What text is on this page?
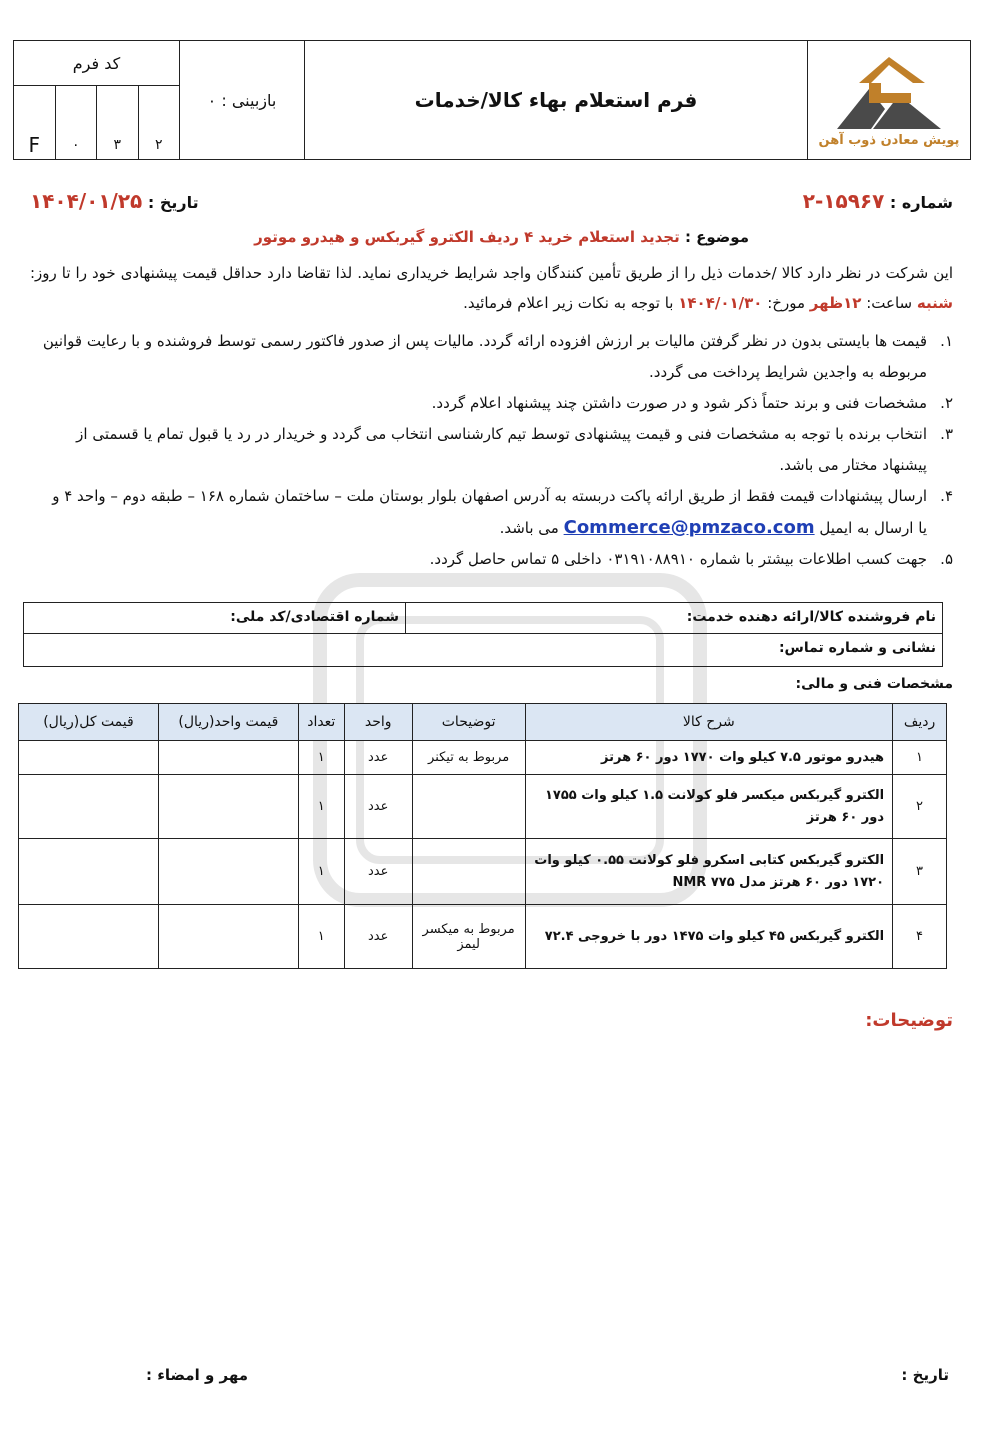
کد فرم
F	۰	۳	۲
بازبینی : ۰	فرم استعلام بهاء کالا/خدمات
پویش معادن ذوب آهن
شماره : ۱۵۹۶۷-۲
تاریخ : ۱۴۰۴/۰۱/۲۵
موضوع : تجدید استعلام خرید ۴ ردیف الکترو گیربکس و هیدرو موتور
این شرکت در نظر دارد کالا /خدمات ذیل را از طریق تأمین کنندگان واجد شرایط خریداری نماید. لذا تقاضا دارد حداقل قیمت پیشنهادی خود را تا روز: شنبه ساعت: ۱۲ظهر مورخ: ۱۴۰۴/۰۱/۳۰ با توجه به نکات زیر اعلام فرمائید.
۱.
قیمت ها بایستی بدون در نظر گرفتن مالیات بر ارزش افزوده ارائه گردد. مالیات پس از صدور فاکتور رسمی توسط فروشنده و با رعایت قوانین مربوطه به واجدین شرایط پرداخت می گردد.
۲.
مشخصات فنی و برند حتماً ذکر شود و در صورت داشتن چند پیشنهاد اعلام گردد.
۳.
انتخاب برنده با توجه به مشخصات فنی و قیمت پیشنهادی توسط تیم کارشناسی انتخاب می گردد و خریدار در رد یا قبول تمام یا قسمتی از پیشنهاد مختار می باشد.
۴.
ارسال پیشنهادات قیمت فقط از طریق ارائه پاکت دربسته به آدرس اصفهان بلوار بوستان ملت – ساختمان شماره ۱۶۸ – طبقه دوم – واحد ۴ و یا ارسال به ایمیل Commerce@pmzaco.com می باشد.
۵.
جهت کسب اطلاعات بیشتر با شماره ۰۳۱۹۱۰۸۸۹۱۰ داخلی ۵ تماس حاصل گردد.
نام فروشنده کالا/ارائه دهنده خدمت:
شماره اقتصادی/کد ملی:
نشانی و شماره تماس:
مشخصات فنی و مالی:
ردیف	شرح کالا	توضیحات	واحد	تعداد	قیمت واحد(ریال)	قیمت کل(ریال)
۱	هیدرو موتور ۷.۵ کیلو وات ۱۷۷۰ دور ۶۰ هرتز	مربوط به تیکنر	عدد	۱		
۲	الکترو گیربکس میکسر فلو کولانت ۱.۵ کیلو وات ۱۷۵۵ دور ۶۰ هرتز		عدد	۱		
۳	الکترو گیربکس کتابی اسکرو فلو کولانت ۰.۵۵ کیلو وات ۱۷۲۰ دور ۶۰ هرتز مدل NMR ۷۷۵		عدد	۱		
۴	الکترو گیربکس ۴۵ کیلو وات ۱۴۷۵ دور با خروجی ۷۲.۴	مربوط به میکسر لیمز	عدد	۱		
توضیحات:
مهر و امضاء :	تاریخ :
